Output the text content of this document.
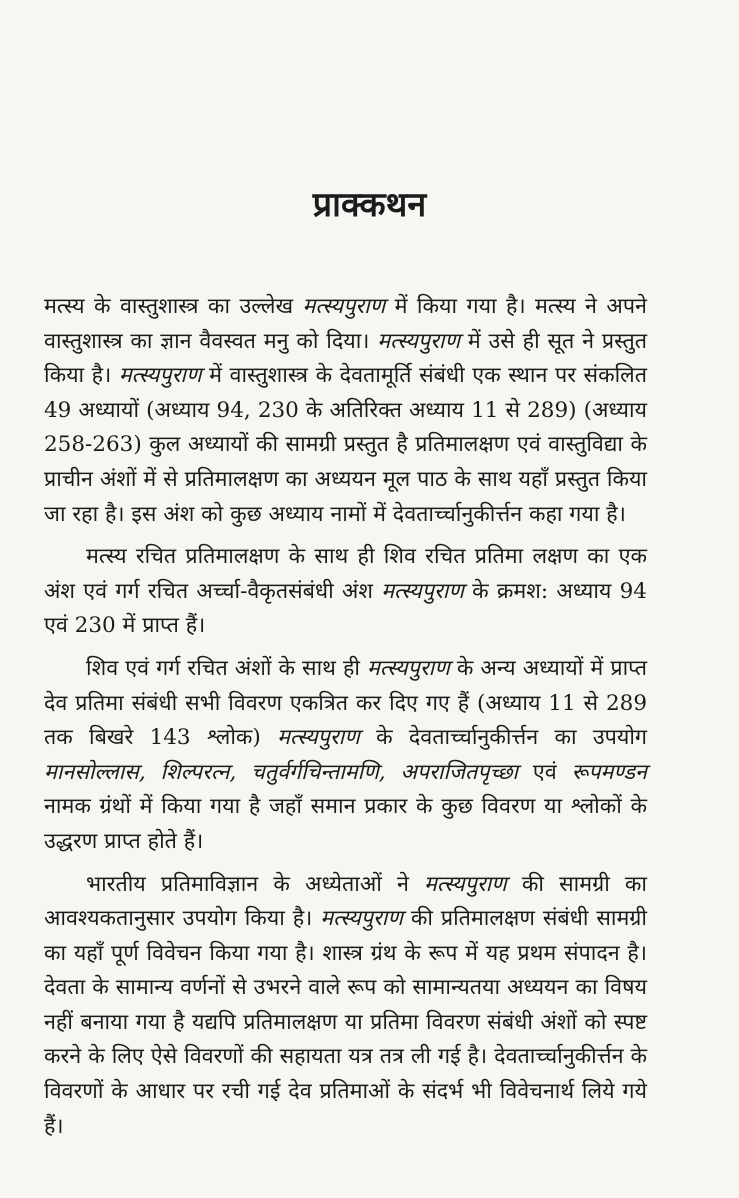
प्राक्कथन

मत्स्य के वास्तुशास्त्र का उल्लेख मत्स्यपुराण में किया गया है। मत्स्य ने अपने वास्तुशास्त्र का ज्ञान वैवस्वत मनु को दिया। मत्स्यपुराण में उसे ही सूत ने प्रस्तुत किया है। मत्स्यपुराण में वास्तुशास्त्र के देवतामूर्ति संबंधी एक स्थान पर संकलित 49 अध्यायों (अध्याय 94, 230 के अतिरिक्त अध्याय 11 से 289) (अध्याय 258-263) कुल अध्यायों की सामग्री प्रस्तुत है प्रतिमालक्षण एवं वास्तुविद्या के प्राचीन अंशों में से प्रतिमालक्षण का अध्ययन मूल पाठ के साथ यहाँ प्रस्तुत किया जा रहा है। इस अंश को कुछ अध्याय नामों में देवतार्च्चानुकीर्त्तन कहा गया है।

मत्स्य रचित प्रतिमालक्षण के साथ ही शिव रचित प्रतिमा लक्षण का एक अंश एवं गर्ग रचित अर्च्चा-वैकृतसंबंधी अंश मत्स्यपुराण के क्रमश: अध्याय 94 एवं 230 में प्राप्त हैं।

शिव एवं गर्ग रचित अंशों के साथ ही मत्स्यपुराण के अन्य अध्यायों में प्राप्त देव प्रतिमा संबंधी सभी विवरण एकत्रित कर दिए गए हैं (अध्याय 11 से 289 तक बिखरे 143 श्लोक) मत्स्यपुराण के देवतार्च्चानुकीर्त्तन का उपयोग मानसोल्लास, शिल्परत्न, चतुर्वर्गचिन्तामणि, अपराजितपृच्छा एवं रूपमण्डन नामक ग्रंथों में किया गया है जहाँ समान प्रकार के कुछ विवरण या श्लोकों के उद्धरण प्राप्त होते हैं।

भारतीय प्रतिमाविज्ञान के अध्येताओं ने मत्स्यपुराण की सामग्री का आवश्यकतानुसार उपयोग किया है। मत्स्यपुराण की प्रतिमालक्षण संबंधी सामग्री का यहाँ पूर्ण विवेचन किया गया है। शास्त्र ग्रंथ के रूप में यह प्रथम संपादन है। देवता के सामान्य वर्णनों से उभरने वाले रूप को सामान्यतया अध्ययन का विषय नहीं बनाया गया है यद्यपि प्रतिमालक्षण या प्रतिमा विवरण संबंधी अंशों को स्पष्ट करने के लिए ऐसे विवरणों की सहायता यत्र तत्र ली गई है। देवतार्च्चानुकीर्त्तन के विवरणों के आधार पर रची गई देव प्रतिमाओं के संदर्भ भी विवेचनार्थ लिये गये हैं।
